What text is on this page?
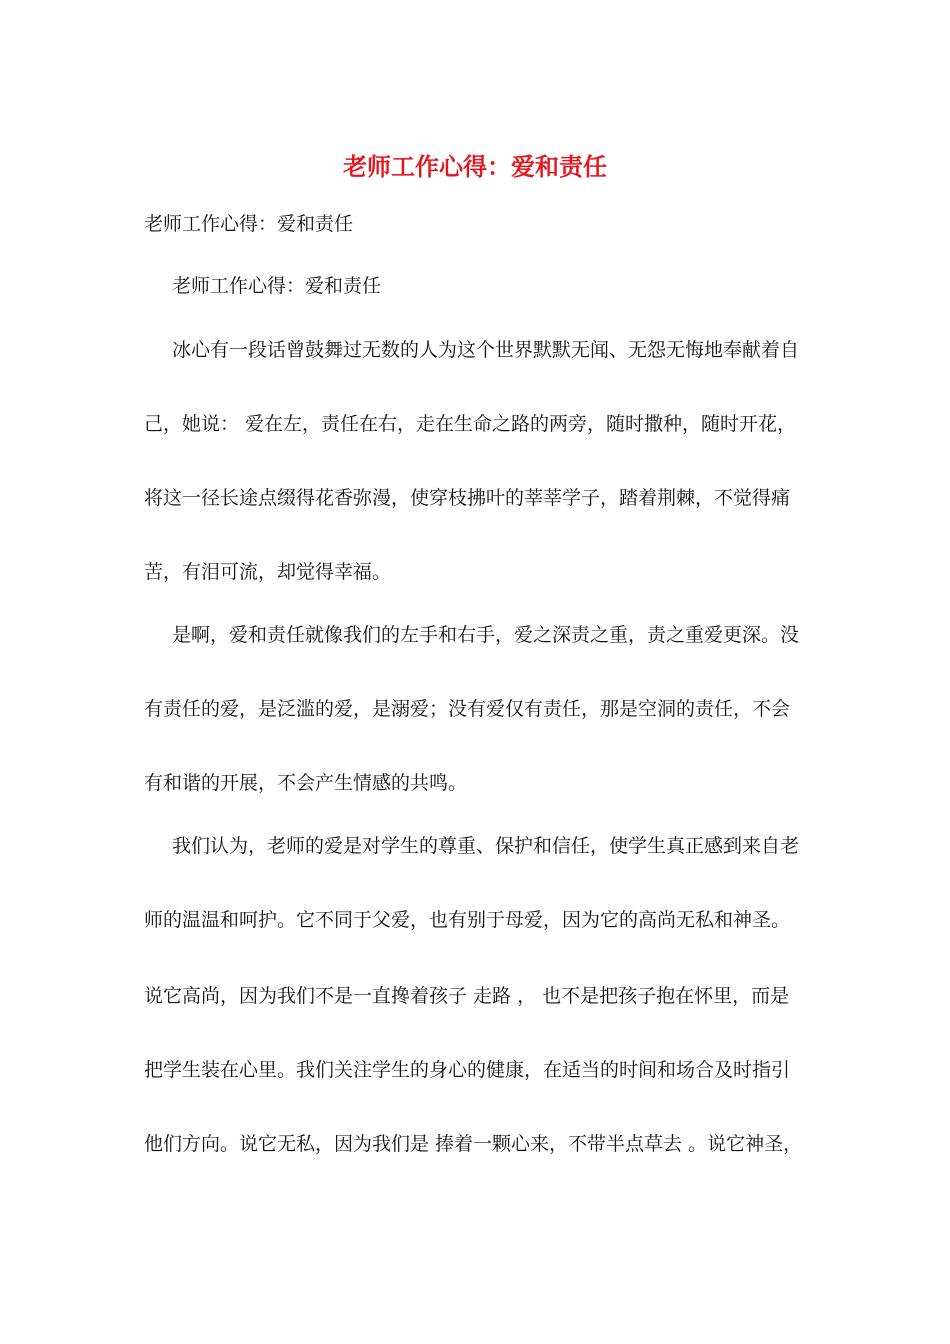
老师工作心得：爱和责任

老师工作心得：爱和责任

老师工作心得：爱和责任

冰心有一段话曾鼓舞过无数的人为这个世界默默无闻、无怨无悔地奉献着自

己，她说： 爱在左，责任在右，走在生命之路的两旁，随时撒种，随时开花，

将这一径长途点缀得花香弥漫，使穿枝拂叶的莘莘学子，踏着荆棘，不觉得痛

苦，有泪可流，却觉得幸福。

是啊，爱和责任就像我们的左手和右手，爱之深责之重，责之重爱更深。没

有责任的爱，是泛滥的爱，是溺爱；没有爱仅有责任，那是空洞的责任，不会

有和谐的开展，不会产生情感的共鸣。

我们认为，老师的爱是对学生的尊重、保护和信任，使学生真正感到来自老

师的温温和呵护。它不同于父爱，也有别于母爱，因为它的高尚无私和神圣。

说它高尚，因为我们不是一直搀着孩子 走路 ， 也不是把孩子抱在怀里，而是

把学生装在心里。我们关注学生的身心的健康，在适当的时间和场合及时指引

他们方向。说它无私，因为我们是 捧着一颗心来，不带半点草去 。说它神圣，
